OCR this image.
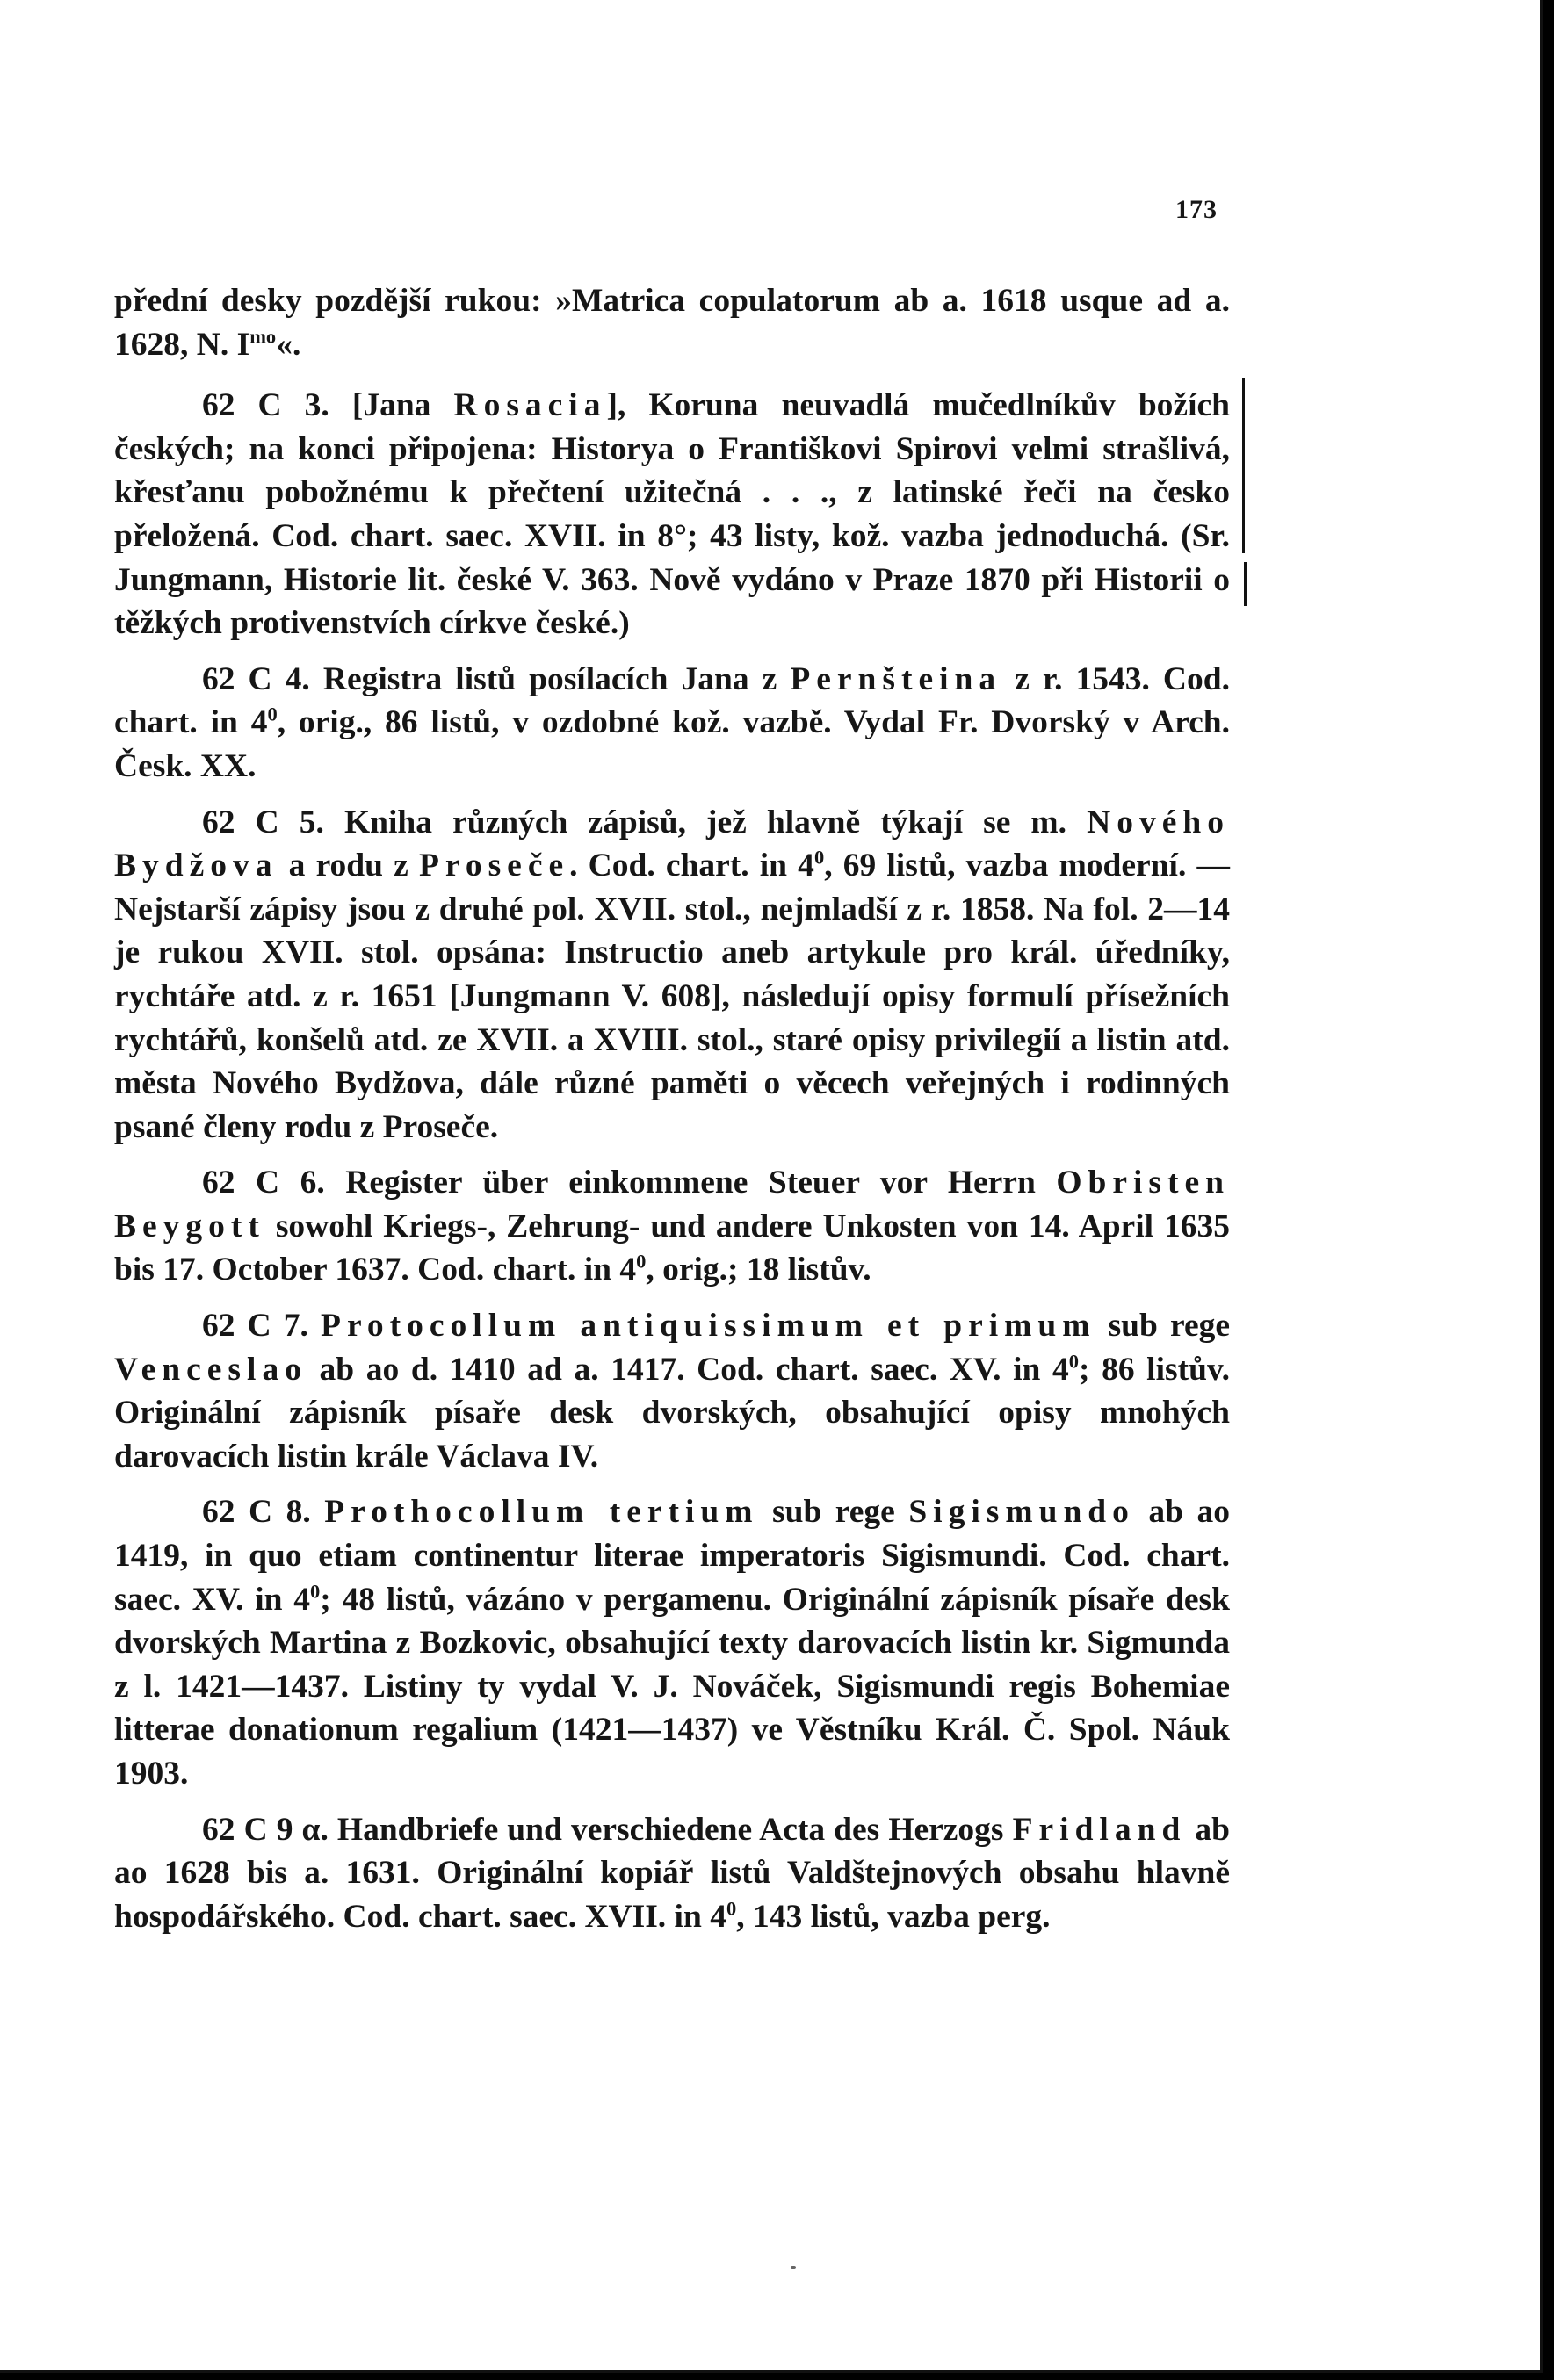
173

přední desky pozdější rukou: »Matrica copulatorum ab a. 1618 usque ad a. 1628, N. $I^{mo}«$.

62 C 3. [Jana Rosacia], Koruna neuvadlá mučedlníkův božích českých; na konci připojena: Historya o Františkovi Spirovi velmi strašlivá, křesťanu pobožnému k přečtení užitečná . . ., z latinské řeči na česko přeložená. Cod. chart. saec. XVII. in 8°; 43 listy, kož. vazba jednoduchá. (Sr. Jungmann, Historie lit. české V. 363. Nově vydáno v Praze 1870 při Historii o těžkých protivenstvích církve české.)

62 C 4. Registra listů posílacích Jana z Pernšteina z r. 1543. Cod. chart. in $4^0$, orig., 86 listů, v ozdobné kož. vazbě. Vydal Fr. Dvorský v Arch. Česk. XX.

62 C 5. Kniha různých zápisů, jež hlavně týkají se m. Nového Bydžova a rodu z Proseče. Cod. chart. in $4^0$, 69 listů, vazba moderní. — Nejstarší zápisy jsou z druhé pol. XVII. stol., nejmladší z r. 1858. Na fol. 2—14 je rukou XVII. stol. opsána: Instructio aneb artykule pro král. úředníky, rychtáře atd. z r. 1651 [Jungmann V. 608], následují opisy formulí přísežních rychtářů, konšelů atd. ze XVII. a XVIII. stol., staré opisy privilegií a listin atd. města Nového Bydžova, dále různé paměti o věcech veřejných i rodinných psané členy rodu z Proseče.

62 C 6. Register über einkommene Steuer vor Herrn Obristen Beygott sowohl Kriegs-, Zehrung- und andere Unkosten von 14. April 1635 bis 17. October 1637. Cod. chart. in $4^0$, orig.; 18 listův.

62 C 7. Protocollum antiquissimum et primum sub rege Venceslao ab ao d. 1410 ad a. 1417. Cod. chart. saec. XV. in $4^0$; 86 listův. Originální zápisník písaře desk dvorských, obsahující opisy mnohých darovacích listin krále Václava IV.

62 C 8. Prothocollum tertium sub rege Sigismundo ab ao 1419, in quo etiam continentur literae imperatoris Sigismundi. Cod. chart. saec. XV. in $4^0$; 48 listů, vázáno v pergamenu. Originální zápisník písaře desk dvorských Martina z Bozkovic, obsahující texty darovacích listin kr. Sigmunda z l. 1421—1437. Listiny ty vydal V. J. Nováček, Sigismundi regis Bohemiae litterae donationum regalium (1421—1437) ve Věstníku Král. Č. Spol. Náuk 1903.

62 C 9 α. Handbriefe und verschiedene Acta des Herzogs Fridland ab ao 1628 bis a. 1631. Originální kopiář listů Valdštejnových obsahu hlavně hospodářského. Cod. chart. saec. XVII. in $4^0$, 143 listů, vazba perg.
